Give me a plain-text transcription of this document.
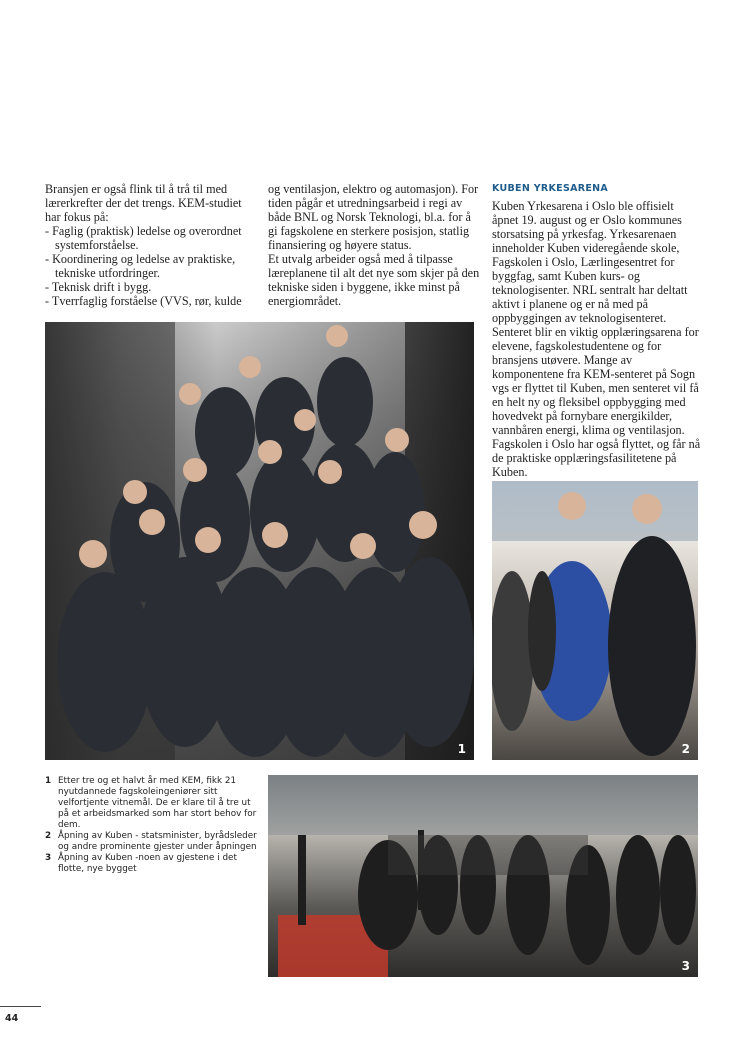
Bransjen er også flink til å trå til med lærerkrefter der det trengs. KEM-studiet har fokus på:

- Faglig (praktisk) ledelse og overordnet systemforståelse.
- Koordinering og ledelse av praktiske, tekniske utfordringer.
- Teknisk drift i bygg.
- Tverrfaglig forståelse (VVS, rør, kulde

og ventilasjon, elektro og automasjon). For tiden pågår et utredningsarbeid i regi av både BNL og Norsk Teknologi, bl.a. for å gi fagskolene en sterkere posisjon, statlig finansiering og høyere status.

Et utvalg arbeider også med å tilpasse læreplanene til alt det nye som skjer på den tekniske siden i byggene, ikke minst på energiområdet.

KUBEN YRKESARENA

Kuben Yrkesarena i Oslo ble offisielt åpnet 19. august og er Oslo kommunes storsatsing på yrkesfag. Yrkesarenaen inneholder Kuben videregående skole, Fagskolen i Oslo, Lærlingesentret for byggfag, samt Kuben kurs- og teknologisenter. NRL sentralt har deltatt aktivt i planene og er nå med på oppbyggingen av teknologisenteret. Senteret blir en viktig opplæringsarena for elevene, fagskolestudentene og for bransjens utøvere. Mange av komponentene fra KEM-senteret på Sogn vgs er flyttet til Kuben, men senteret vil få en helt ny og fleksibel oppbygging med hovedvekt på fornybare energikilder, vannbåren energi, klima og ventilasjon. Fagskolen i Oslo har også flyttet, og får nå de praktiske opplæringsfasilitetene på Kuben.

1	2
3

1 Etter tre og et halvt år med KEM, fikk 21 nyutdannede fagskoleingeniører sitt velfortjente vitnemål. De er klare til å tre ut på et arbeidsmarked som har stort behov for dem.

2 Åpning av Kuben - statsminister, byrådsleder og andre prominente gjester under åpningen

3 Åpning av Kuben -noen av gjestene i det flotte, nye bygget

44
